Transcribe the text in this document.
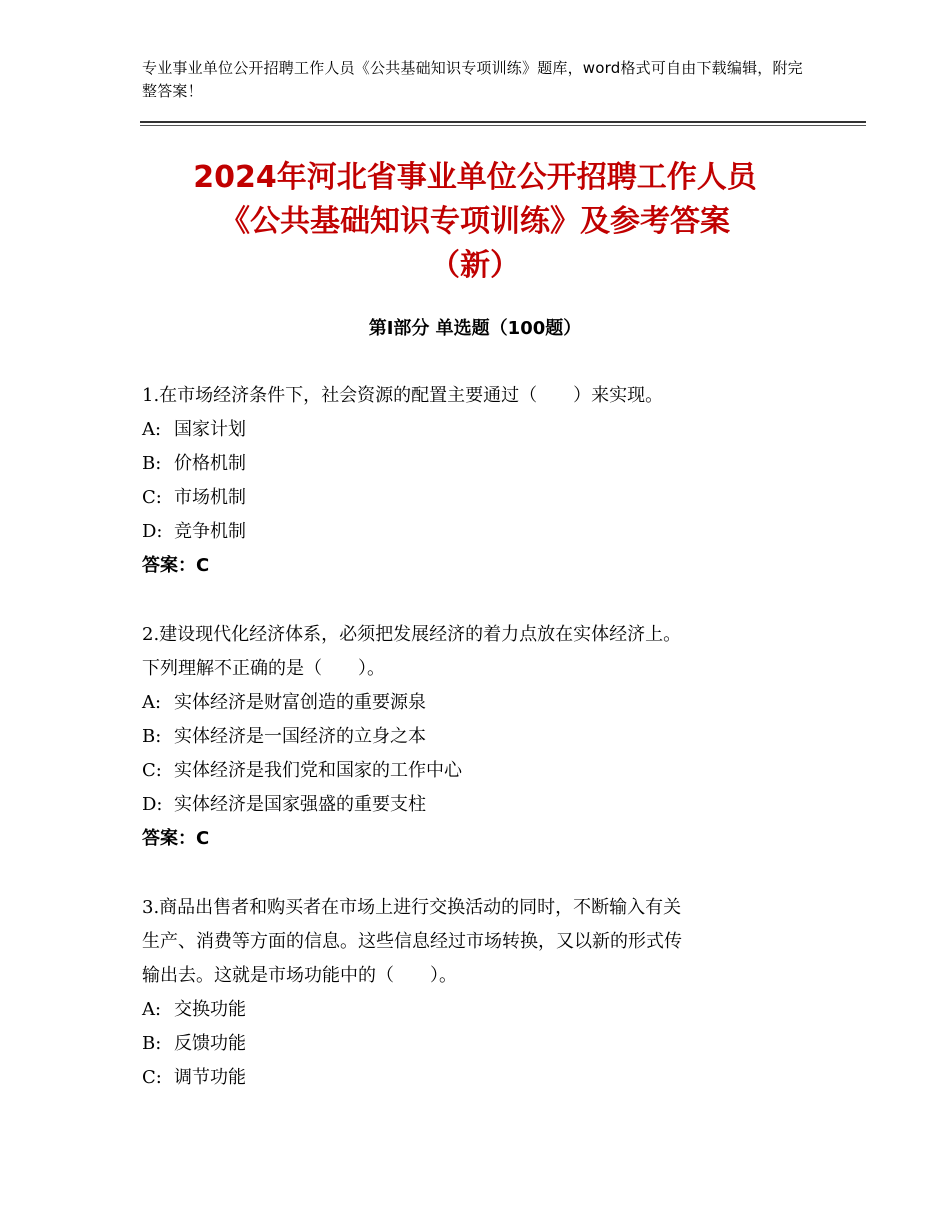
专业事业单位公开招聘工作人员《公共基础知识专项训练》题库，word格式可自由下载编辑，附完整答案！
2024年河北省事业单位公开招聘工作人员
《公共基础知识专项训练》及参考答案
（新）
第Ⅰ部分 单选题（100题）

1.在市场经济条件下，社会资源的配置主要通过（　　）来实现。

A: 国家计划

B: 价格机制

C: 市场机制

D: 竞争机制

答案：C

2.建设现代化经济体系，必须把发展经济的着力点放在实体经济上。

下列理解不正确的是（　　）。

A: 实体经济是财富创造的重要源泉

B: 实体经济是一国经济的立身之本

C: 实体经济是我们党和国家的工作中心

D: 实体经济是国家强盛的重要支柱

答案：C

3.商品出售者和购买者在市场上进行交换活动的同时，不断输入有关

生产、消费等方面的信息。这些信息经过市场转换，又以新的形式传

输出去。这就是市场功能中的（　　）。

A: 交换功能

B: 反馈功能

C: 调节功能
